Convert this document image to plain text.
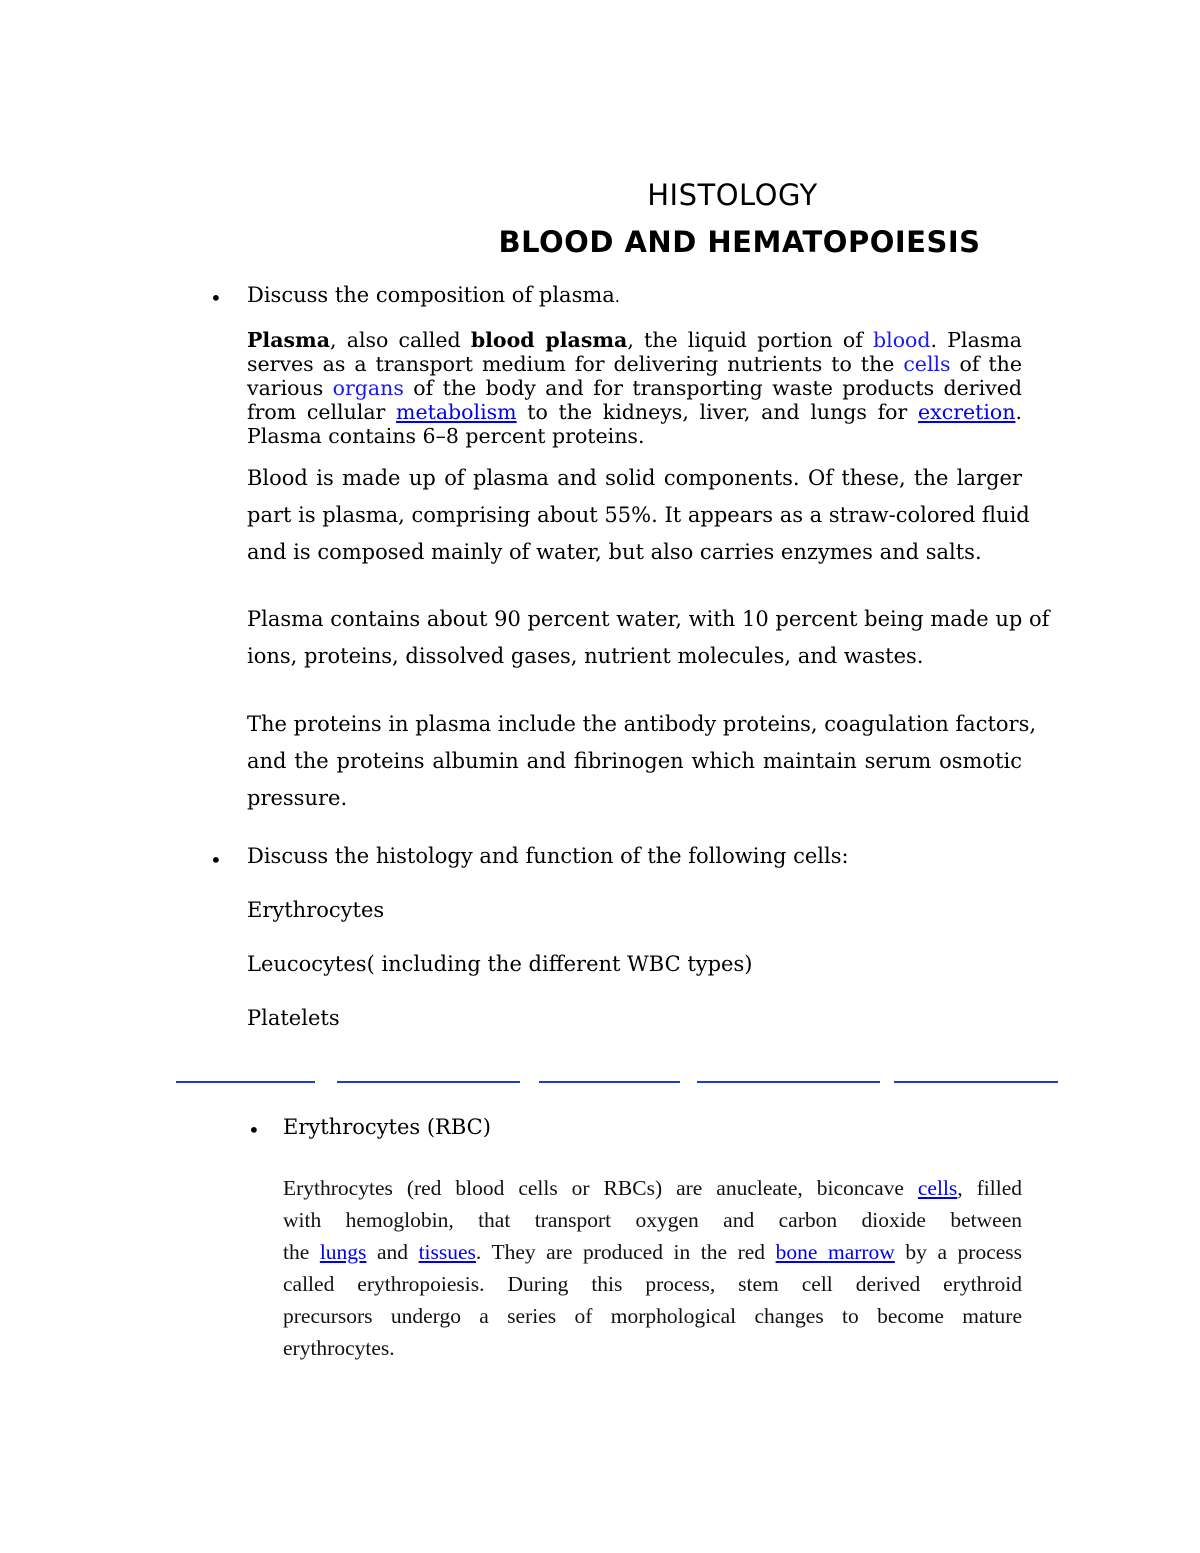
HISTOLOGY
BLOOD AND HEMATOPOIESIS
• Discuss the composition of plasma.

Plasma, also called blood plasma, the liquid portion of blood. Plasma
serves as a transport medium for delivering nutrients to the cells of the
various organs of the body and for transporting waste products derived
from cellular metabolism to the kidneys, liver, and lungs for excretion.
Plasma contains 6–8 percent proteins.
Blood is made up of plasma and solid components. Of these, the larger
part is plasma, comprising about 55%. It appears as a straw-colored fluid
and is composed mainly of water, but also carries enzymes and salts.
Plasma contains about 90 percent water, with 10 percent being made up of
ions, proteins, dissolved gases, nutrient molecules, and wastes.
The proteins in plasma include the antibody proteins, coagulation factors,
and the proteins albumin and fibrinogen which maintain serum osmotic
pressure.
• Discuss the histology and function of the following cells:

Erythrocytes

Leucocytes( including the different WBC types)

Platelets

• Erythrocytes (RBC)

Erythrocytes (red blood cells or RBCs) are anucleate, biconcave cells, filled
with hemoglobin, that transport oxygen and carbon dioxide between
the lungs and tissues. They are produced in the red bone marrow by a process
called erythropoiesis. During this process, stem cell derived erythroid
precursors undergo a series of morphological changes to become mature
erythrocytes.
